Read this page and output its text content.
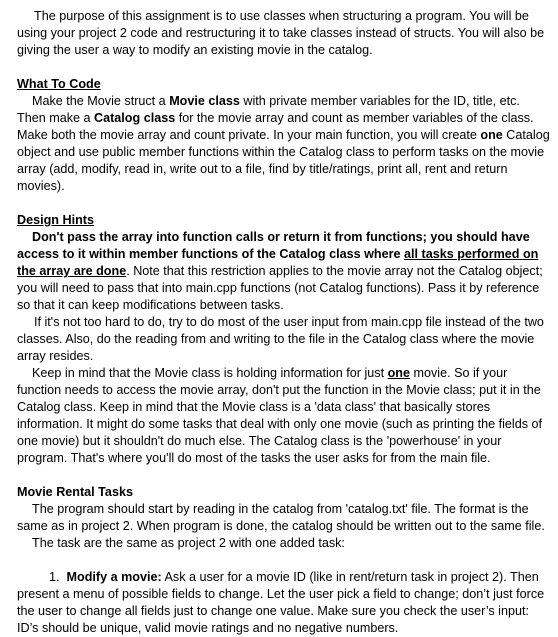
The purpose of this assignment is to use classes when structuring a program. You will be using your project 2 code and restructuring it to take classes instead of structs. You will also be giving the user a way to modify an existing movie in the catalog.

What To Code

Make the Movie struct a Movie class with private member variables for the ID, title, etc. Then make a Catalog class for the movie array and count as member variables of the class. Make both the movie array and count private. In your main function, you will create one Catalog object and use public member functions within the Catalog class to perform tasks on the movie array (add, modify, read in, write out to a file, find by title/ratings, print all, rent and return movies).

Design Hints

Don't pass the array into function calls or return it from functions; you should have access to it within member functions of the Catalog class where all tasks performed on the array are done. Note that this restriction applies to the movie array not the Catalog object; you will need to pass that into main.cpp functions (not Catalog functions). Pass it by reference so that it can keep modifications between tasks.

If it's not too hard to do, try to do most of the user input from main.cpp file instead of the two classes. Also, do the reading from and writing to the file in the Catalog class where the movie array resides.

Keep in mind that the Movie class is holding information for just one movie. So if your function needs to access the movie array, don't put the function in the Movie class; put it in the Catalog class. Keep in mind that the Movie class is a 'data class' that basically stores information. It might do some tasks that deal with only one movie (such as printing the fields of one movie) but it shouldn't do much else. The Catalog class is the 'powerhouse' in your program. That's where you'll do most of the tasks the user asks for from the main file.

Movie Rental Tasks

The program should start by reading in the catalog from 'catalog.txt' file. The format is the same as in project 2. When program is done, the catalog should be written out to the same file.

The task are the same as project 2 with one added task:

1. Modify a movie: Ask a user for a movie ID (like in rent/return task in project 2). Then present a menu of possible fields to change. Let the user pick a field to change; don’t just force the user to change all fields just to change one value. Make sure you check the user’s input: ID’s should be unique, valid movie ratings and no negative numbers.
